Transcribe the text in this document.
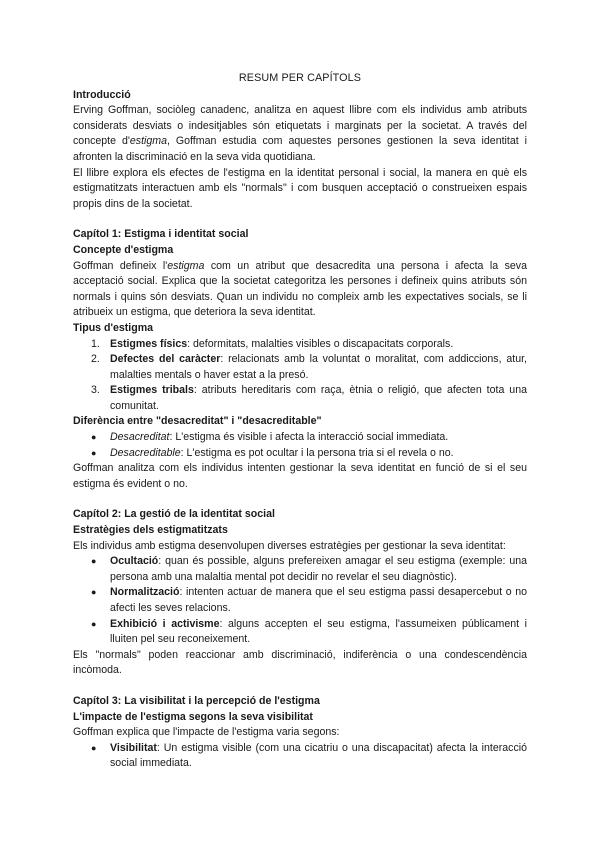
RESUM PER CAPÍTOLS
Introducció

Erving Goffman, sociòleg canadenc, analitza en aquest llibre com els individus amb atributs considerats desviats o indesitjables són etiquetats i marginats per la societat. A través del concepte d'estigma, Goffman estudia com aquestes persones gestionen la seva identitat i afronten la discriminació en la seva vida quotidiana.

El llibre explora els efectes de l'estigma en la identitat personal i social, la manera en què els estigmatitzats interactuen amb els "normals" i com busquen acceptació o construeixen espais propis dins de la societat.

Capítol 1: Estigma i identitat social
Concepte d'estigma

Goffman defineix l'estigma com un atribut que desacredita una persona i afecta la seva acceptació social. Explica que la societat categoritza les persones i defineix quins atributs són normals i quins són desviats. Quan un individu no compleix amb les expectatives socials, se li atribueix un estigma, que deteriora la seva identitat.

Tipus d'estigma
1. Estigmes físics: deformitats, malalties visibles o discapacitats corporals.
2. Defectes del caràcter: relacionats amb la voluntat o moralitat, com addiccions, atur, malalties mentals o haver estat a la presó.
3. Estigmes tribals: atributs hereditaris com raça, ètnia o religió, que afecten tota una comunitat.
Diferència entre "desacreditat" i "desacreditable"
● Desacreditat: L'estigma és visible i afecta la interacció social immediata.
● Desacreditable: L'estigma es pot ocultar i la persona tria si el revela o no.

Goffman analitza com els individus intenten gestionar la seva identitat en funció de si el seu estigma és evident o no.

Capítol 2: La gestió de la identitat social
Estratègies dels estigmatitzats

Els individus amb estigma desenvolupen diverses estratègies per gestionar la seva identitat:

● Ocultació: quan és possible, alguns prefereixen amagar el seu estigma (exemple: una persona amb una malaltia mental pot decidir no revelar el seu diagnòstic).
● Normalització: intenten actuar de manera que el seu estigma passi desapercebut o no afecti les seves relacions.
● Exhibició i activisme: alguns accepten el seu estigma, l'assumeixen públicament i lluiten pel seu reconeixement.

Els "normals" poden reaccionar amb discriminació, indiferència o una condescendència incòmoda.

Capítol 3: La visibilitat i la percepció de l'estigma
L'impacte de l'estigma segons la seva visibilitat

Goffman explica que l'impacte de l'estigma varia segons:

● Visibilitat: Un estigma visible (com una cicatriu o una discapacitat) afecta la interacció social immediata.
